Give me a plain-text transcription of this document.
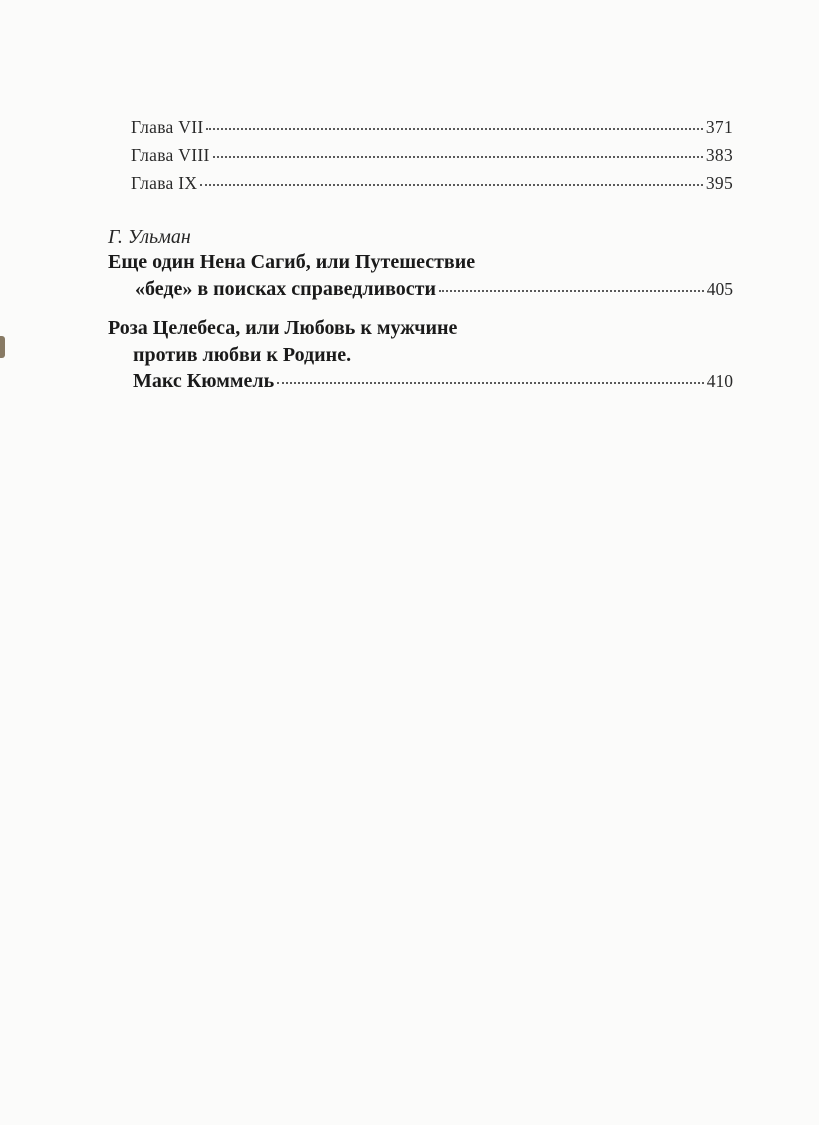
Глава VII	371
Глава VIII	383
Глава IX	395
Г. Ульман
Еще один Нена Сагиб, или Путешествие
«беде» в поисках справедливости	405
Роза Целебеса, или Любовь к мужчине
против любви к Родине.
Макс Кюммель	410
